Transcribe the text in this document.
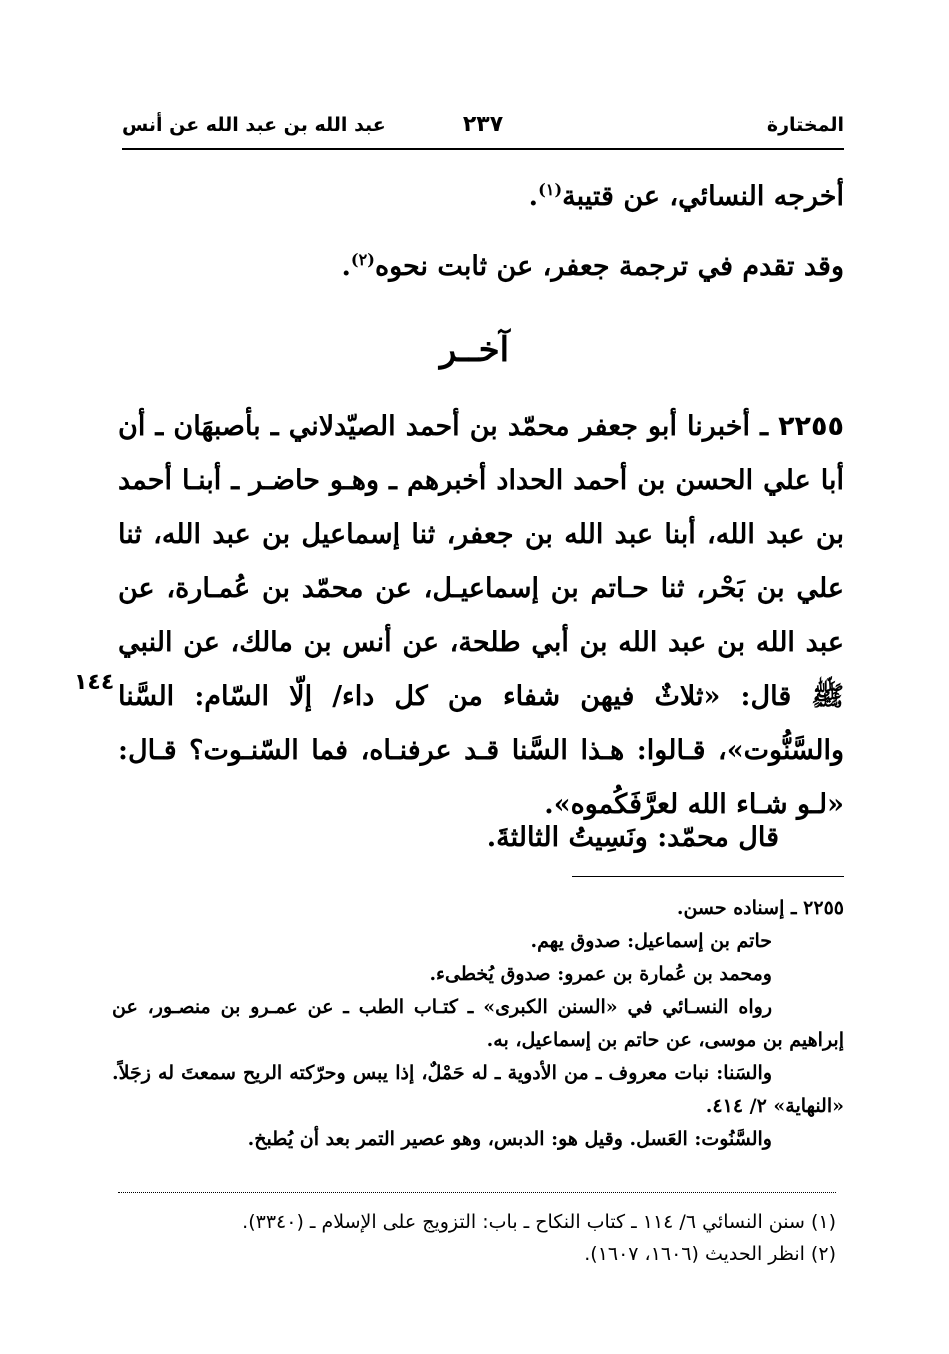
المختارة
٢٣٧
عبد الله بن عبد الله عن أنس
أخرجه النسائي، عن قتيبة$^{(١)}$.
وقد تقدم في ترجمة جعفر، عن ثابت نحوه$^{(٢)}$.
آخــر
٢٢٥٥ ـ أخبرنا أبو جعفر محمّد بن أحمد الصيّدلاني ـ بأصبهَان ـ أن أبا علي الحسن بن أحمد الحداد أخبرهم ـ وهـو حاضـر ـ أبنـا أحمد بن عبد الله، أبنا عبد الله بن جعفر، ثنا إسماعيل بن عبد الله، ثنا علي بن بَحْر، ثنا حـاتم بن إسماعيـل، عن محمّد بن عُمـارة، عن عبد الله بن عبد الله بن أبي طلحة، عن أنس بن مالك، عن النبي ﷺ قال: «ثلاثٌ فيهن شفاء من كل داء/ إلّا السّام: السَّنا والسَّنُّوت»، قـالوا: هـذا السَّنا قـد عرفنـاه، فما السّنـوت؟ قـال: «لـو شـاء الله لعرَّفَكُموه».
١٤٤
قال محمّد: ونَسِيتُ الثالثةَ.
٢٢٥٥ ـ إسناده حسن.
حاتم بن إسماعيل: صدوق يهم.
ومحمد بن عُمارة بن عمرو: صدوق يُخطىء.
رواه النسـائي في «السنن الكبرى» ـ كتـاب الطب ـ عن عمـرو بن منصـور، عن إبراهيم بن موسى، عن حاتم بن إسماعيل، به.
والسَنا: نبات معروف ـ من الأدوية ـ له حَمْلٌ، إذا يبس وحرّكته الريح سمعتَ له زجَلاً. «النهاية» ٢/ ٤١٤.
والسَّنُوت: العَسل. وقيل هو: الدبس، وهو عصير التمر بعد أن يُطبخ.
(١) سنن النسائي ٦/ ١١٤ ـ كتاب النكاح ـ باب: التزويج على الإسلام ـ (٣٣٤٠).
(٢) انظر الحديث (١٦٠٦، ١٦٠٧).
